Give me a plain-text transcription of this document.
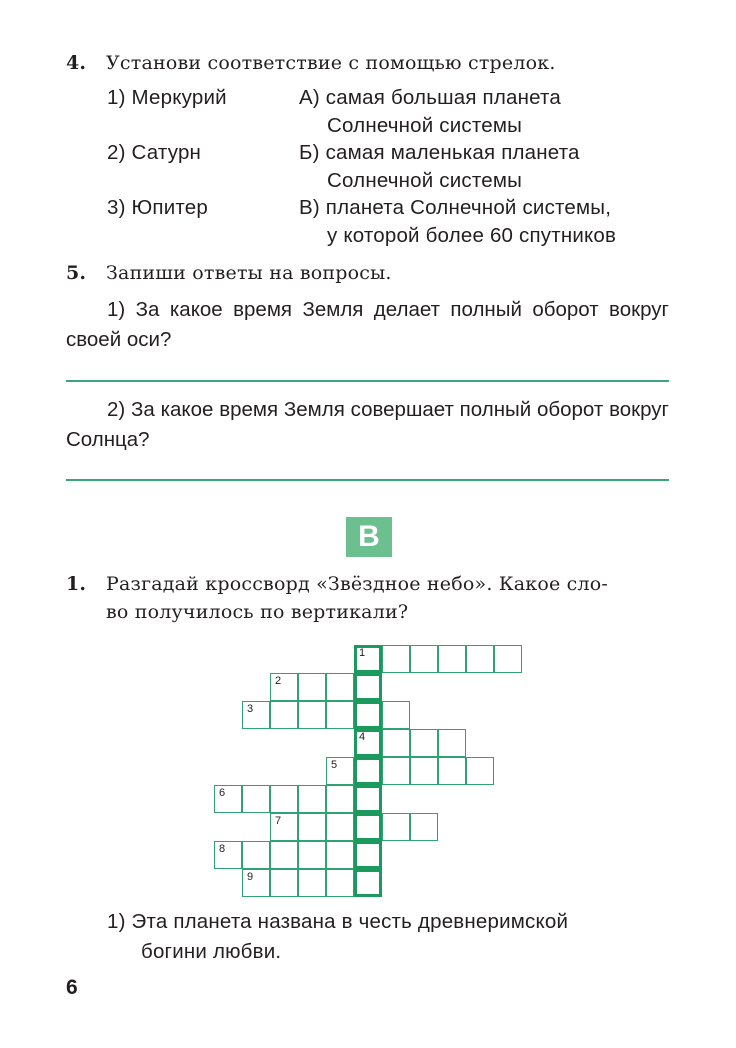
4. Установи соответствие с помощью стрелок.
1) Меркурий
2) Сатурн
3) Юпитер
А) самая большая планета
Солнечной системы
Б) самая маленькая планета
Солнечной системы
В) планета Солнечной системы,
у которой более 60 спутников
5. Запиши ответы на вопросы.
1) За какое время Земля делает полный оборот вокруг своей оси?
2) За какое время Земля совершает полный оборот вокруг Солнца?
В
1. Разгадай кроссворд «Звёздное небо». Какое сло-
во получилось по вертикали?
1
2
3
4
5
6
7
8
9
1) Эта планета названа в честь древнеримской
богини любви.
6
